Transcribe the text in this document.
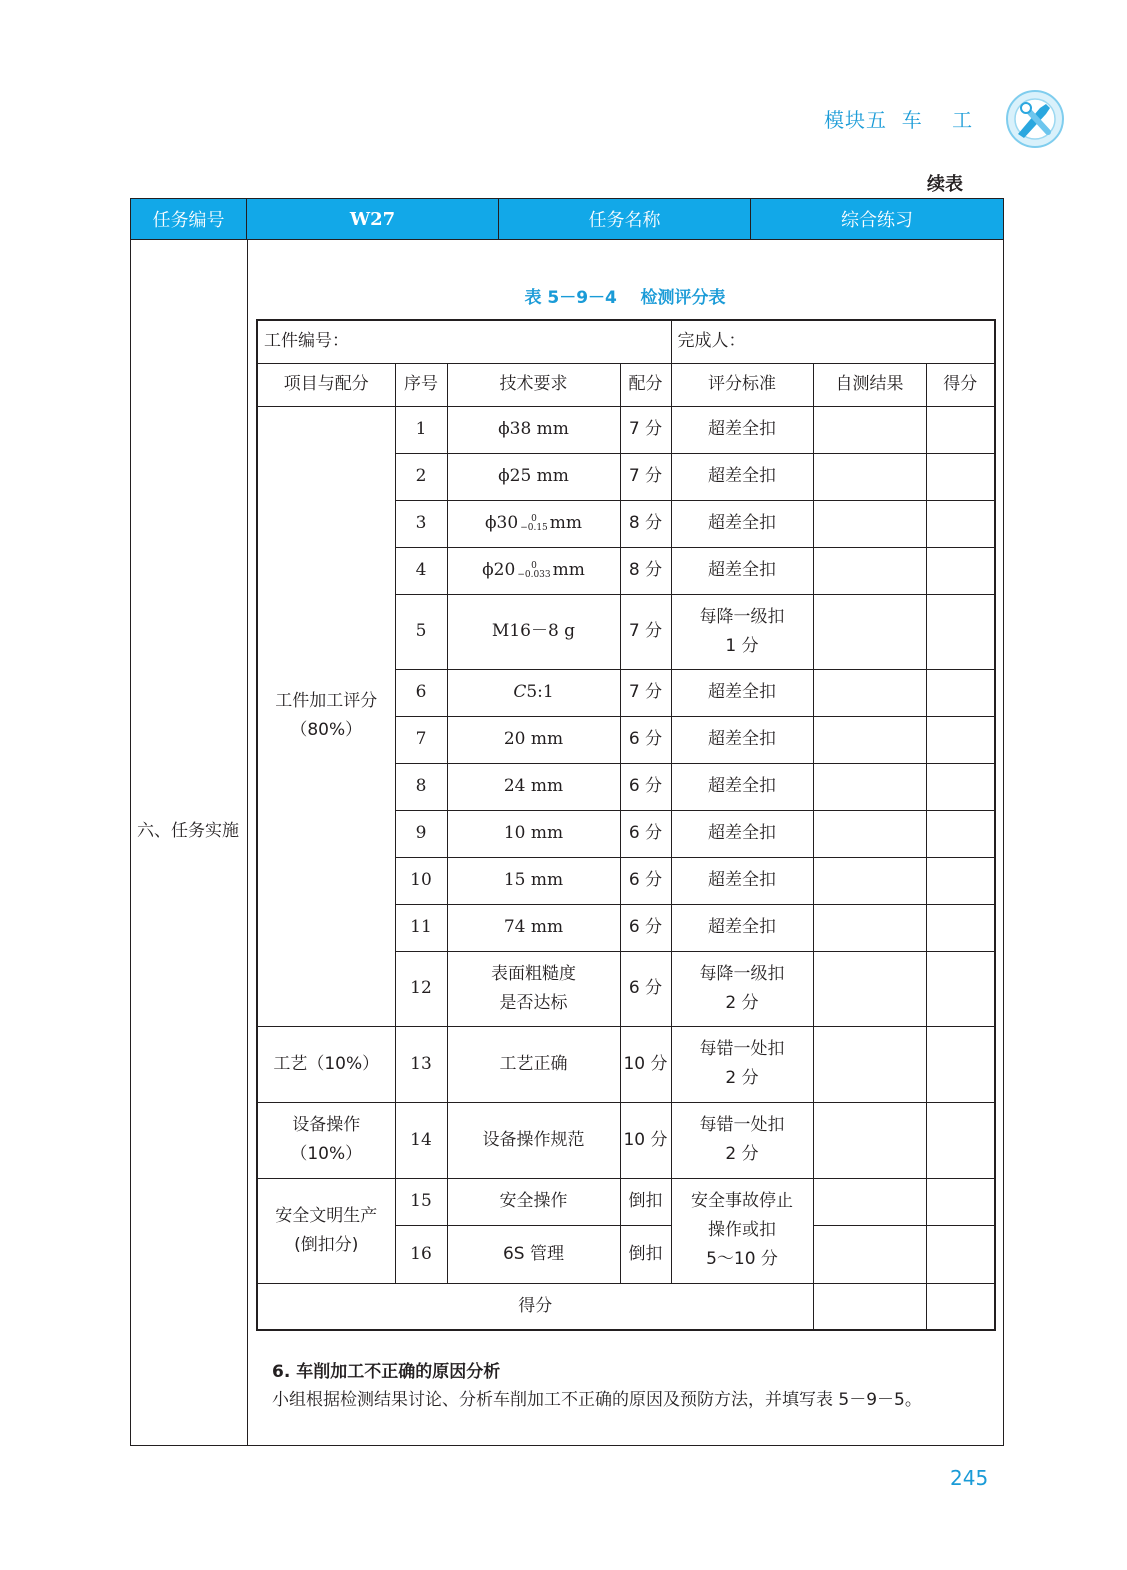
模块五  车    工
续表
任务编号	W27	任务名称	综合练习
六、任务实施
表 5－9－4    检测评分表
工件编号：				完成人：		
项目与配分	序号	技术要求	配分	评分标准	自测结果	得分
工件加工评分
（80%）	1	ϕ38 mm	7 分	超差全扣		
	2	ϕ25 mm	7 分	超差全扣		
	3	ϕ30 0
−0.15 mm	8 分	超差全扣		
	4	ϕ20 0
−0.033 mm	8 分	超差全扣		
	5	M16－8 g	7 分	每降一级扣
1 分		
	6	C5:1	7 分	超差全扣		
	7	20 mm	6 分	超差全扣		
	8	24 mm	6 分	超差全扣		
	9	10 mm	6 分	超差全扣		
	10	15 mm	6 分	超差全扣		
	11	74 mm	6 分	超差全扣		
	12	表面粗糙度
是否达标	6 分	每降一级扣
2 分		
工艺（10%）	13	工艺正确	10 分	每错一处扣
2 分		
设备操作
（10%）	14	设备操作规范	10 分	每错一处扣
2 分		
安全文明生产
(倒扣分)	15	安全操作	倒扣	安全事故停止
操作或扣
5～10 分		
	16	6S 管理	倒扣			
得分						
6. 车削加工不正确的原因分析
小组根据检测结果讨论、分析车削加工不正确的原因及预防方法，并填写表 5－9－5。
245
